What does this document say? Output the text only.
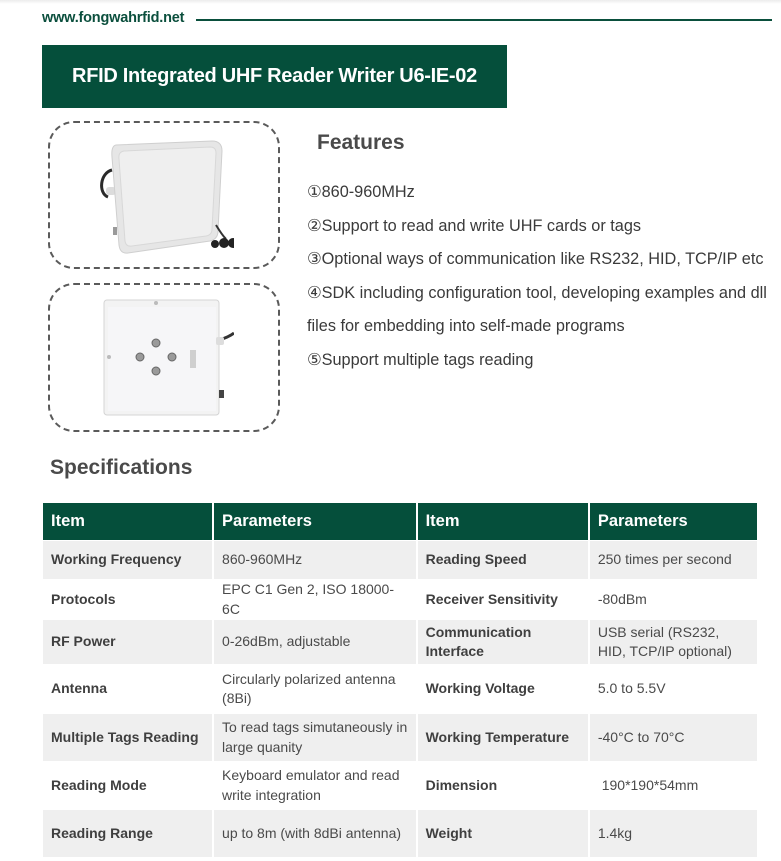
www.fongwahrfid.net
RFID Integrated UHF Reader Writer U6-IE-02
Features
①860-960MHz
②Support to read and write UHF cards or tags
③Optional ways of communication like RS232, HID, TCP/IP etc
④SDK including configuration tool, developing examples and dll files for embedding into self-made programs
⑤Support multiple tags reading
Specifications
Item	Parameters	Item	Parameters
Working Frequency	860-960MHz	Reading Speed	250 times per second
Protocols	EPC C1 Gen 2, ISO 18000-6C	Receiver Sensitivity	-80dBm
RF Power	0-26dBm, adjustable	Communication Interface	USB serial (RS232, HID, TCP/IP optional)
Antenna	Circularly polarized antenna (8Bi)	Working Voltage	5.0 to 5.5V
Multiple Tags Reading	To read tags simutaneously in large quanity	Working Temperature	-40°C to 70°C
Reading Mode	Keyboard emulator and read write integration	Dimension	190*190*54mm
Reading Range	up to 8m (with 8dBi antenna)	Weight	1.4kg
